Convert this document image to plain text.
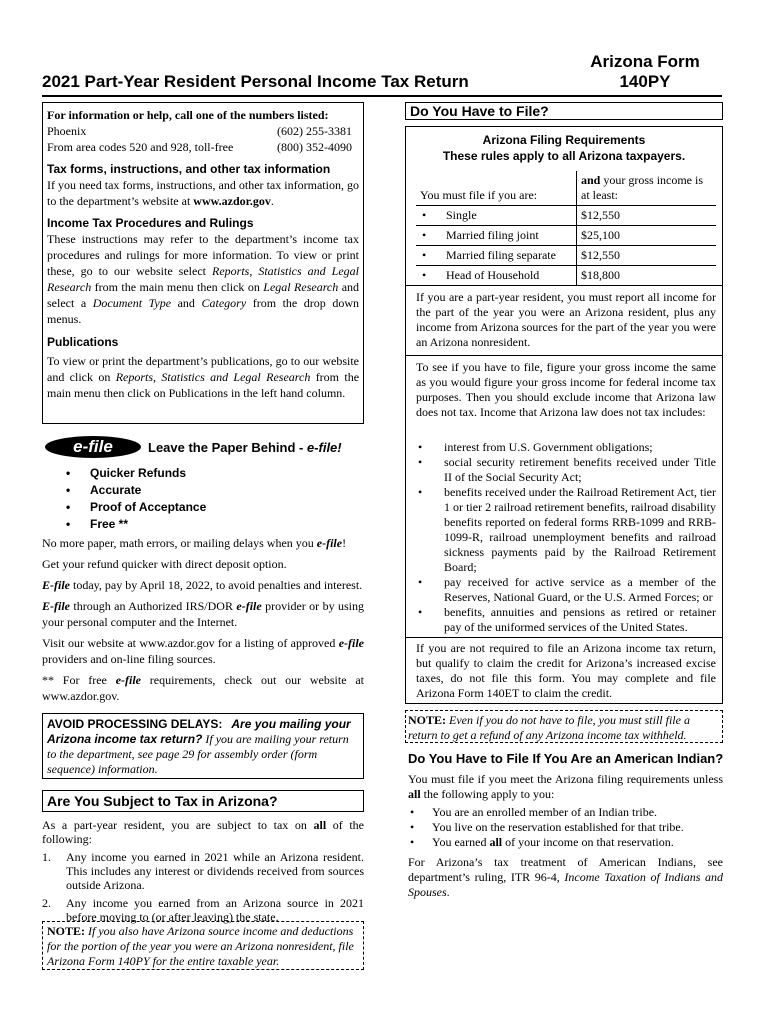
2021 Part-Year Resident Personal Income Tax Return
Arizona Form
140PY

For information or help, call one of the numbers listed:

Phoenix	(602) 255-3381
From area codes 520 and 928, toll-free	(800) 352-4090

Tax forms, instructions, and other tax information

If you need tax forms, instructions, and other tax information, go to the department’s website at www.azdor.gov.

Income Tax Procedures and Rulings

These instructions may refer to the department’s income tax procedures and rulings for more information. To view or print these, go to our website select Reports, Statistics and Legal Research from the main menu then click on Legal Research and select a Document Type and Category from the drop down menus.

Publications

To view or print the department’s publications, go to our website and click on Reports, Statistics and Legal Research from the main menu then click on Publications in the left hand column.

e-file	Leave the Paper Behind - e-file!
•	Quicker Refunds
•	Accurate
•	Proof of Acceptance
•	Free **

No more paper, math errors, or mailing delays when you e-file!

Get your refund quicker with direct deposit option.

E-file today, pay by April 18, 2022, to avoid penalties and interest.

E-file through an Authorized IRS/DOR e-file provider or by using your personal computer and the Internet.

Visit our website at www.azdor.gov for a listing of approved e-file providers and on-line filing sources.

** For free e-file requirements, check out our website at www.azdor.gov.

AVOID PROCESSING DELAYS: Are you mailing your Arizona income tax return? If you are mailing your return to the department, see page 29 for assembly order (form sequence) information.
Are You Subject to Tax in Arizona?

As a part-year resident, you are subject to tax on all of the following:

1.	Any income you earned in 2021 while an Arizona resident. This includes any interest or dividends received from sources outside Arizona.
2.	Any income you earned from an Arizona source in 2021 before moving to (or after leaving) the state.
NOTE: If you also have Arizona source income and deductions for the portion of the year you were an Arizona nonresident, file Arizona Form 140PY for the entire taxable year.
Do You Have to File?
Arizona Filing Requirements
These rules apply to all Arizona taxpayers.
You must file if you are:	and your gross income is at least:
• Single	$12,550
• Married filing joint	$25,100
• Married filing separate	$12,550
• Head of Household	$18,800
If you are a part-year resident, you must report all income for the part of the year you were an Arizona resident, plus any income from Arizona sources for the part of the year you were an Arizona nonresident.
To see if you have to file, figure your gross income the same as you would figure your gross income for federal income tax purposes. Then you should exclude income that Arizona law does not tax. Income that Arizona law does not tax includes:
•	interest from U.S. Government obligations;
•	social security retirement benefits received under Title II of the Social Security Act;
•	benefits received under the Railroad Retirement Act, tier 1 or tier 2 railroad retirement benefits, railroad disability benefits reported on federal forms RRB-1099 and RRB-1099-R, railroad unemployment benefits and railroad sickness payments paid by the Railroad Retirement Board;
•	pay received for active service as a member of the Reserves, National Guard, or the U.S. Armed Forces; or
•	benefits, annuities and pensions as retired or retainer pay of the uniformed services of the United States.
If you are not required to file an Arizona income tax return, but qualify to claim the credit for Arizona’s increased excise taxes, do not file this form. You may complete and file Arizona Form 140ET to claim the credit.
NOTE: Even if you do not have to file, you must still file a return to get a refund of any Arizona income tax withheld.
Do You Have to File If You Are an American Indian?

You must file if you meet the Arizona filing requirements unless all the following apply to you:

•	You are an enrolled member of an Indian tribe.
•	You live on the reservation established for that tribe.
•	You earned all of your income on that reservation.

For Arizona’s tax treatment of American Indians, see department’s ruling, ITR 96-4, Income Taxation of Indians and Spouses.
